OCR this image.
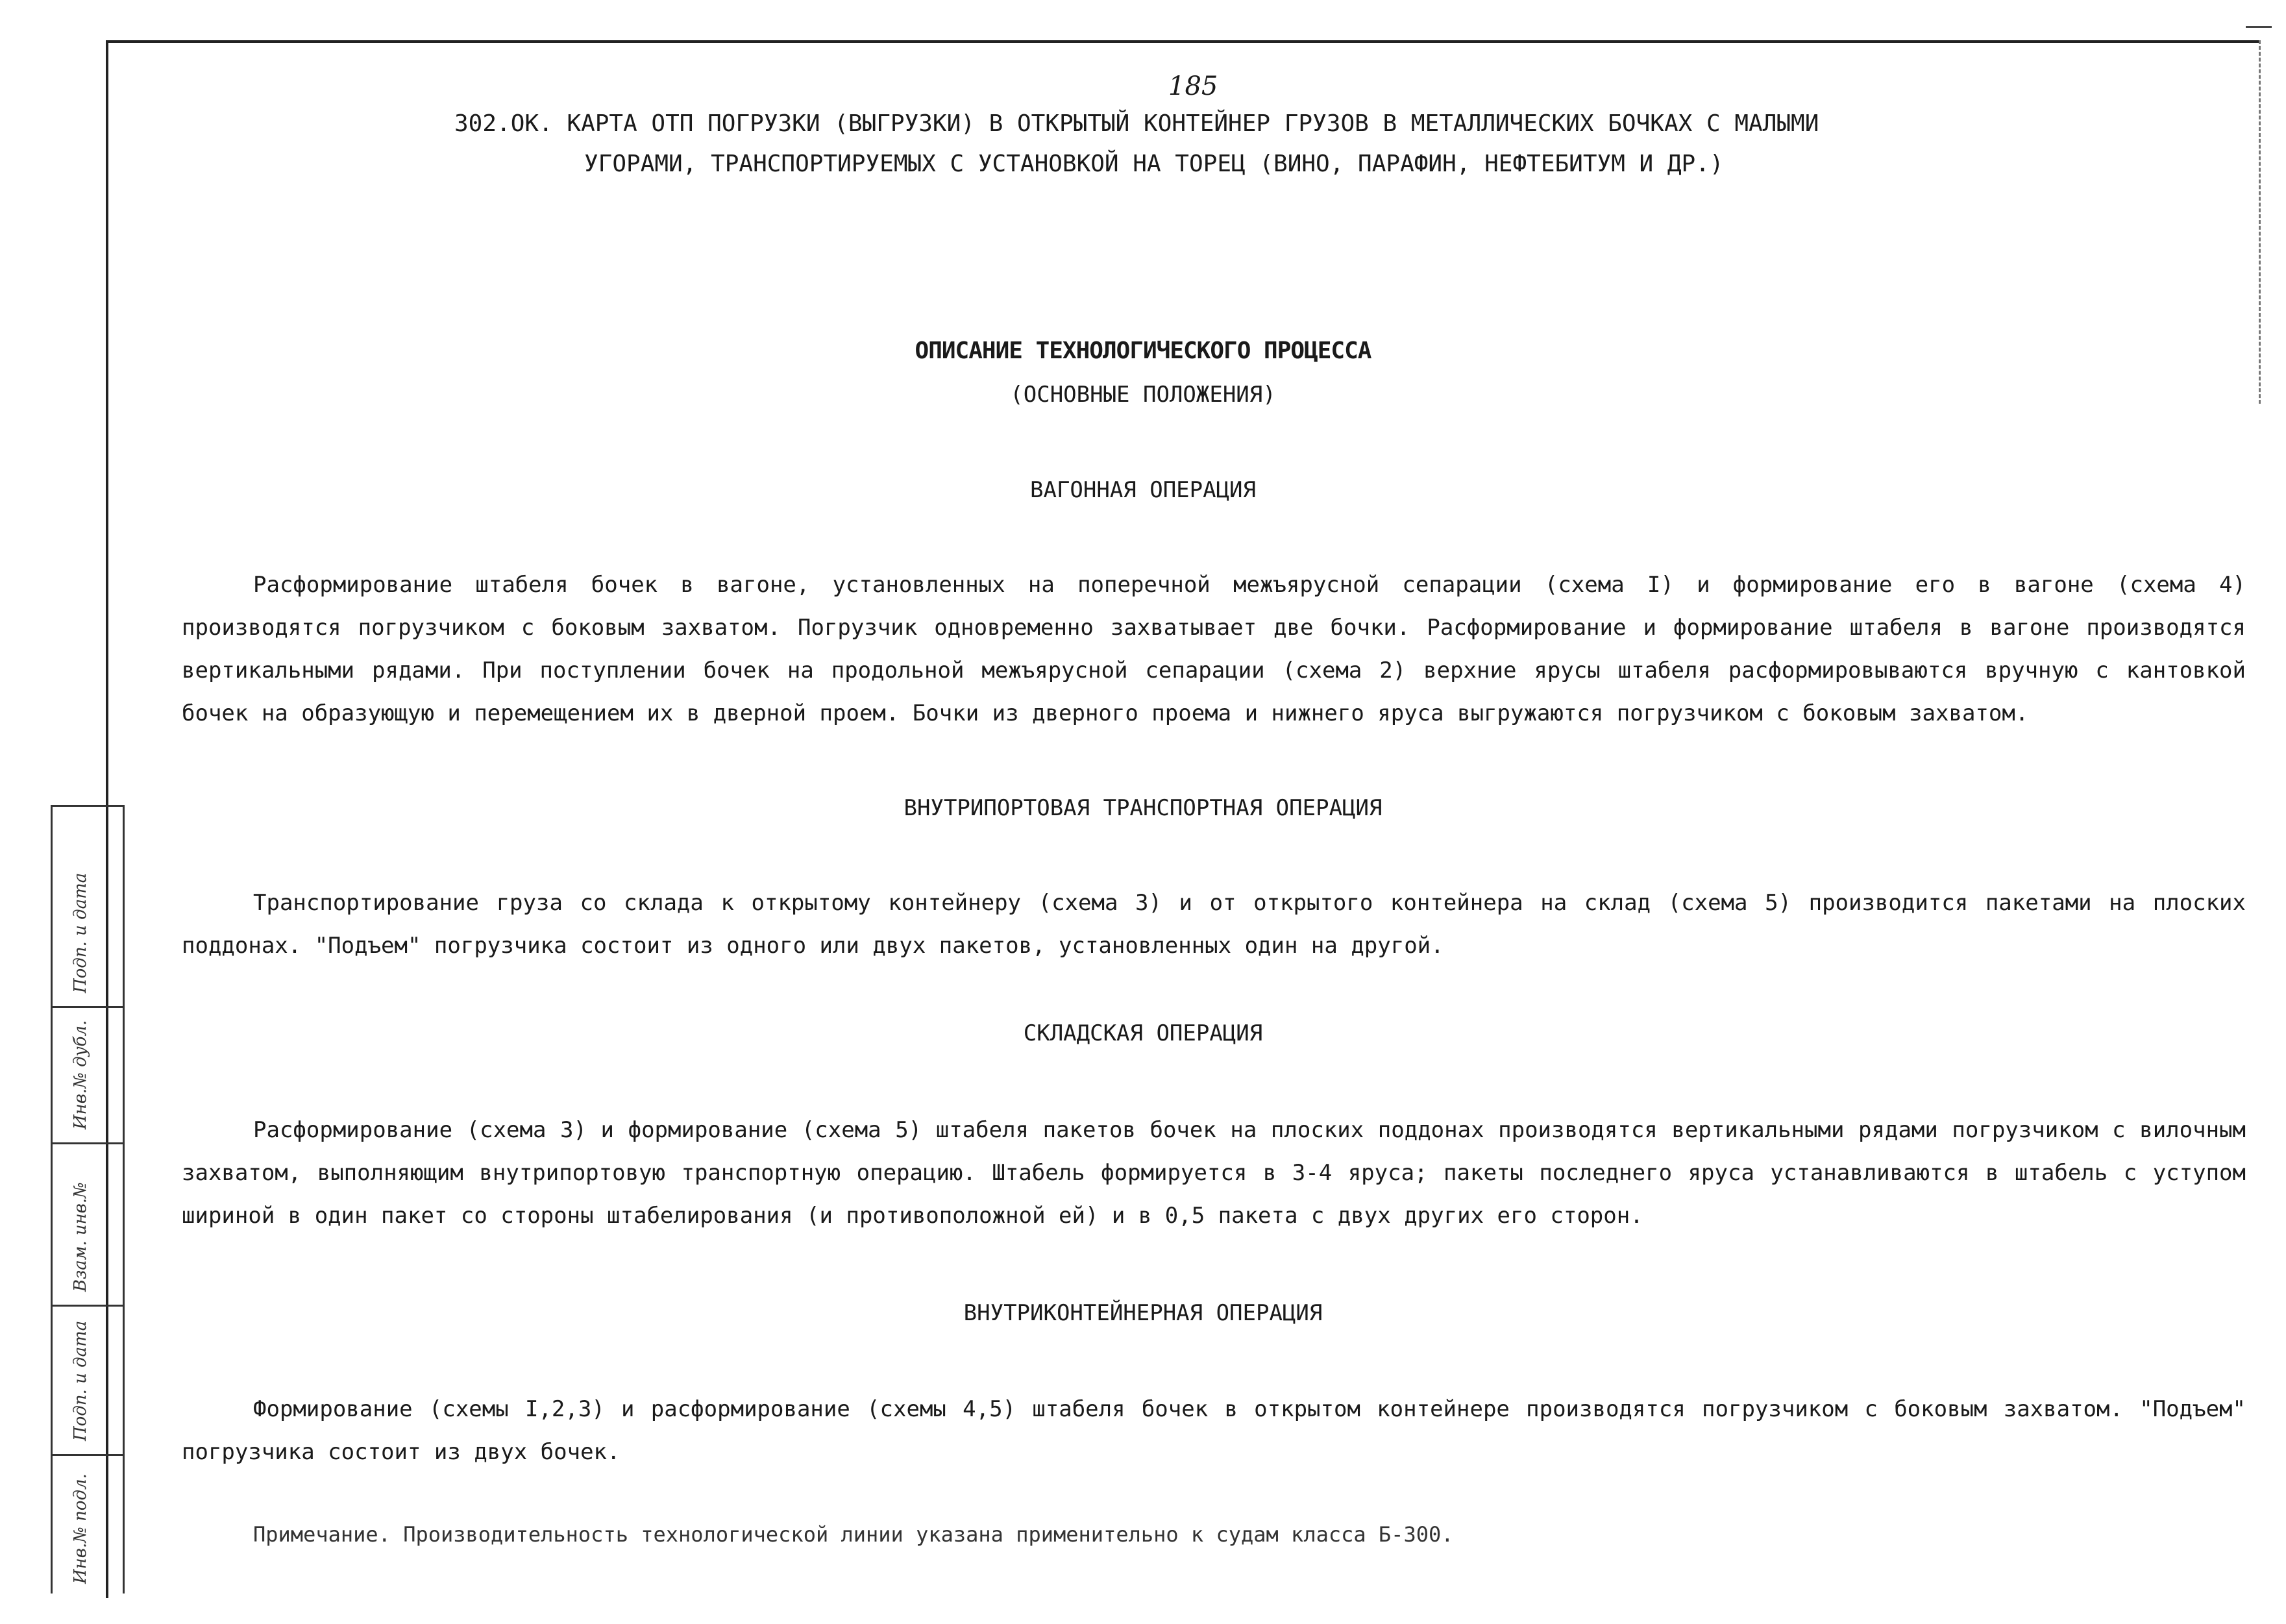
185
302.ОК. КАРТА ОТП ПОГРУЗКИ (ВЫГРУЗКИ) В ОТКРЫТЫЙ КОНТЕЙНЕР ГРУЗОВ В МЕТАЛЛИЧЕСКИХ БОЧКАХ С МАЛЫМИ
УГОРАМИ, ТРАНСПОРТИРУЕМЫХ С УСТАНОВКОЙ НА ТОРЕЦ (ВИНО, ПАРАФИН, НЕФТЕБИТУМ И ДР.)
ОПИСАНИЕ ТЕХНОЛОГИЧЕСКОГО ПРОЦЕССА
(ОСНОВНЫЕ ПОЛОЖЕНИЯ)
ВАГОННАЯ ОПЕРАЦИЯ
Расформирование штабеля бочек в вагоне, установленных на поперечной межъярусной сепарации (схема I) и формирование его в вагоне (схема 4) производятся погрузчиком с боковым захватом. Погрузчик одновременно захватывает две бочки. Расформирование и формирование штабеля в вагоне производятся вертикальными рядами. При поступлении бочек на продольной межъярусной сепарации (схема 2) верхние ярусы штабеля расформировываются вручную с кантовкой бочек на образующую и перемещением их в дверной проем. Бочки из дверного проема и нижнего яруса выгружаются погрузчиком с боковым захватом.
ВНУТРИПОРТОВАЯ ТРАНСПОРТНАЯ ОПЕРАЦИЯ
Транспортирование груза со склада к открытому контейнеру (схема 3) и от открытого контейнера на склад (схема 5) производится пакетами на плоских поддонах. "Подъем" погрузчика состоит из одного или двух пакетов, установленных один на другой.
СКЛАДСКАЯ ОПЕРАЦИЯ
Расформирование (схема 3) и формирование (схема 5) штабеля пакетов бочек на плоских поддонах производятся вертикальными рядами погрузчиком с вилочным захватом, выполняющим внутрипортовую транспортную операцию. Штабель формируется в 3-4 яруса; пакеты последнего яруса устанавливаются в штабель с уступом шириной в один пакет со стороны штабелирования (и противоположной ей) и в 0,5 пакета с двух других его сторон.
ВНУТРИКОНТЕЙНЕРНАЯ ОПЕРАЦИЯ
Формирование (схемы I,2,3) и расформирование (схемы 4,5) штабеля бочек в открытом контейнере производятся погрузчиком с боковым захватом. "Подъем" погрузчика состоит из двух бочек.
Примечание. Производительность технологической линии указана применительно к судам класса Б-300.
Подп. и дата
Инв.№ дубл.
Взам. инв.№
Подп. и дата
Инв.№ подл.
